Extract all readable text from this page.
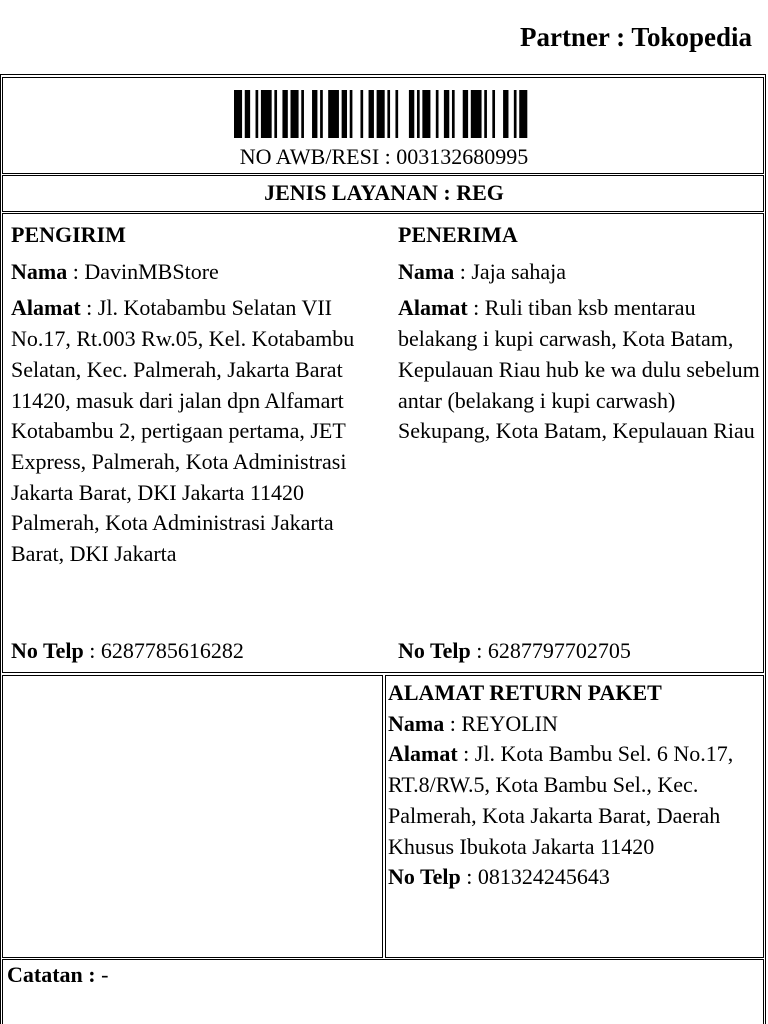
Partner : Tokopedia
NO AWB/RESI : 003132680995
JENIS LAYANAN : REG
PENGIRIM
Nama : DavinMBStore
Alamat : Jl. Kotabambu Selatan VII No.17, Rt.003 Rw.05, Kel. Kotabambu Selatan, Kec. Palmerah, Jakarta Barat 11420, masuk dari jalan dpn Alfamart Kotabambu 2, pertigaan pertama, JET Express, Palmerah, Kota Administrasi Jakarta Barat, DKI Jakarta 11420 Palmerah, Kota Administrasi Jakarta Barat, DKI Jakarta
No Telp : 6287785616282
PENERIMA
Nama : Jaja sahaja
Alamat : Ruli tiban ksb mentarau belakang i kupi carwash, Kota Batam, Kepulauan Riau hub ke wa dulu sebelum antar (belakang i kupi carwash) Sekupang, Kota Batam, Kepulauan Riau
No Telp : 6287797702705
ALAMAT RETURN PAKET
Nama : REYOLIN
Alamat : Jl. Kota Bambu Sel. 6 No.17, RT.8/RW.5, Kota Bambu Sel., Kec. Palmerah, Kota Jakarta Barat, Daerah Khusus Ibukota Jakarta 11420
No Telp : 081324245643
Catatan : -
